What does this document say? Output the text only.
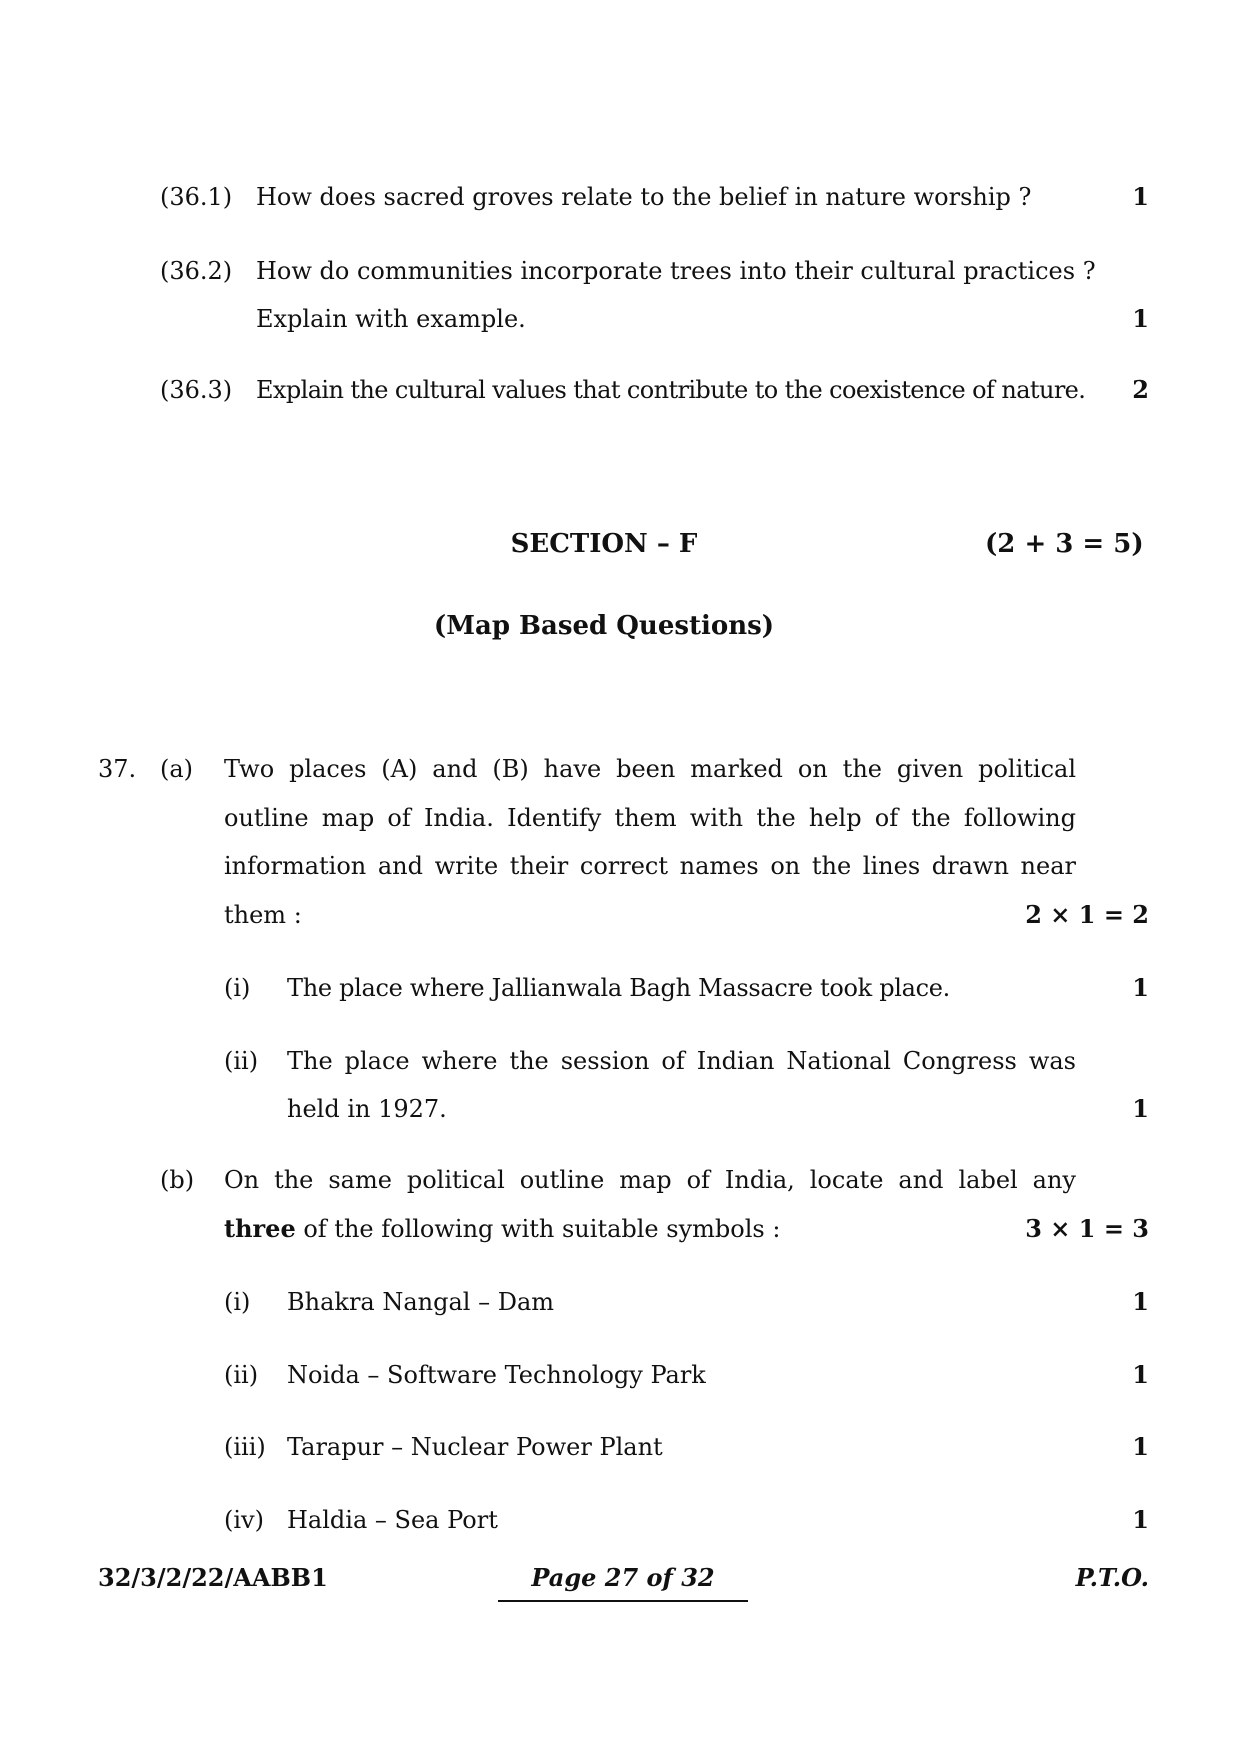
(36.1) How does sacred groves relate to the belief in nature worship ?	1
(36.2) How do communities incorporate trees into their cultural practices ?
Explain with example.	1
(36.3) Explain the cultural values that contribute to the coexistence of nature. 2
SECTION – F	(2 + 3 = 5)
(Map Based Questions)
37. (a) Two places (A) and (B) have been marked on the given political
outline map of India. Identify them with the help of the following
information and write their correct names on the lines drawn near
them :	2 × 1 = 2
(i) The place where Jallianwala Bagh Massacre took place.	1
(ii) The place where the session of Indian National Congress was
held in 1927.	1
(b) On the same political outline map of India, locate and label any
three of the following with suitable symbols :	3 × 1 = 3
(i) Bhakra Nangal – Dam	1
(ii) Noida – Software Technology Park	1
(iii) Tarapur – Nuclear Power Plant	1
(iv) Haldia – Sea Port	1
32/3/2/22/AABB1	Page 27 of 32	P.T.O.
